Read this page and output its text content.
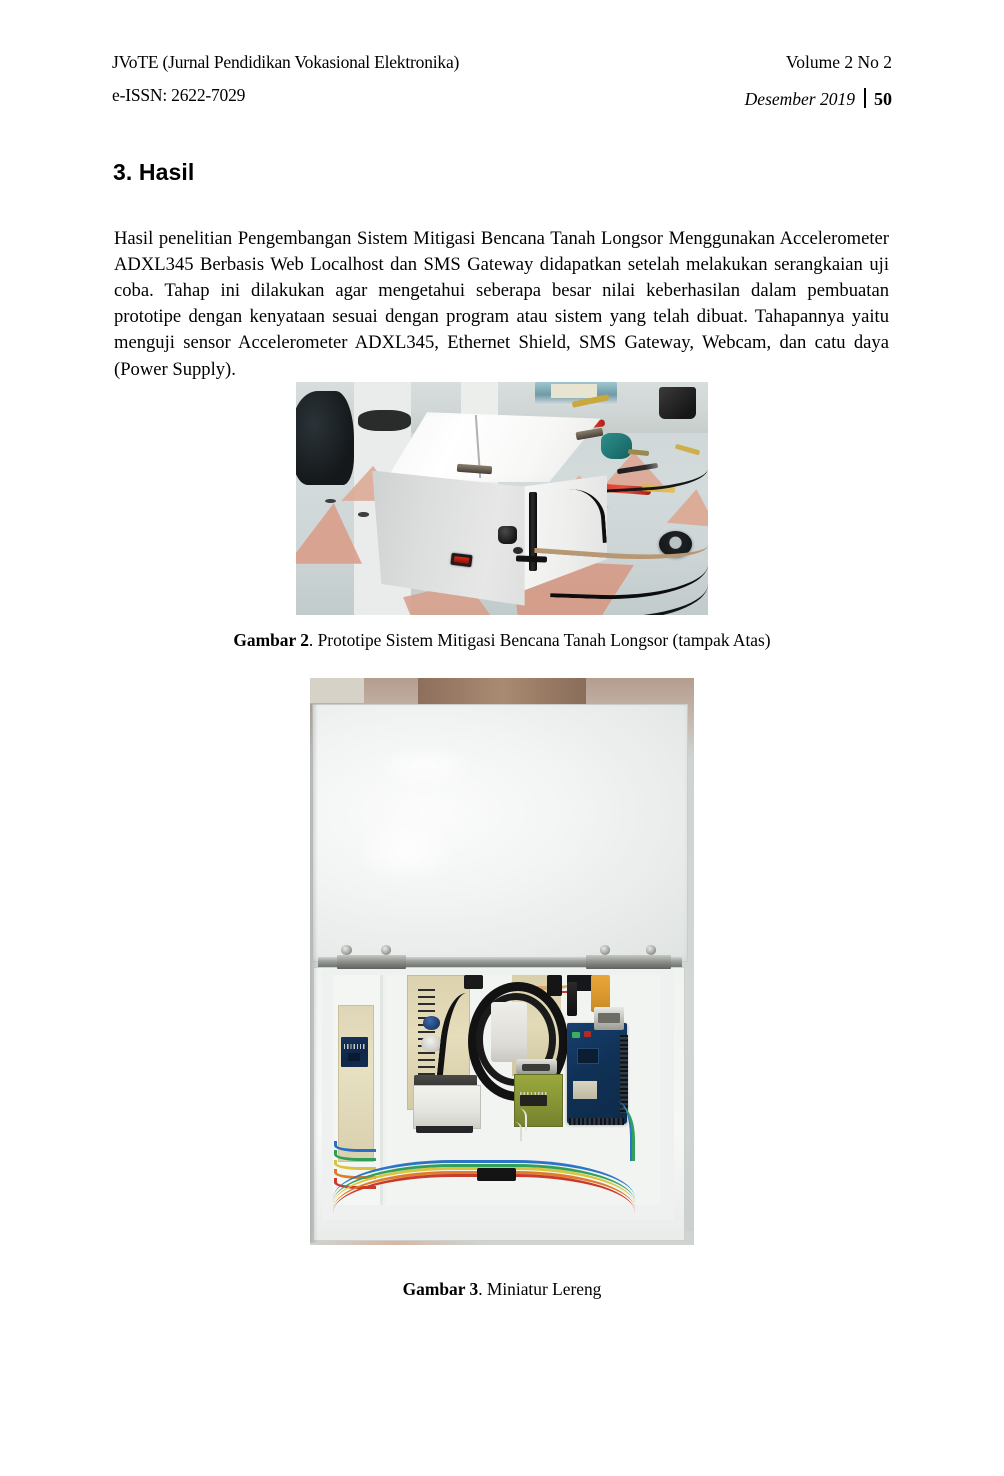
JVoTE (Jurnal Pendidikan Vokasional Elektronika)	Volume 2 No 2
e-ISSN: 2622-7029	Desember 2019 50
3. Hasil

Hasil penelitian Pengembangan Sistem Mitigasi Bencana Tanah Longsor Menggunakan Accelerometer ADXL345 Berbasis Web Localhost dan SMS Gateway didapatkan setelah melakukan serangkaian uji coba. Tahap ini dilakukan agar mengetahui seberapa besar nilai keberhasilan dalam pembuatan prototipe dengan kenyataan sesuai dengan program atau sistem yang telah dibuat. Tahapannya yaitu menguji sensor Accelerometer ADXL345, Ethernet Shield, SMS Gateway, Webcam, dan catu daya (Power Supply).

Gambar 2. Prototipe Sistem Mitigasi Bencana Tanah Longsor (tampak Atas)
Gambar 3. Miniatur Lereng
